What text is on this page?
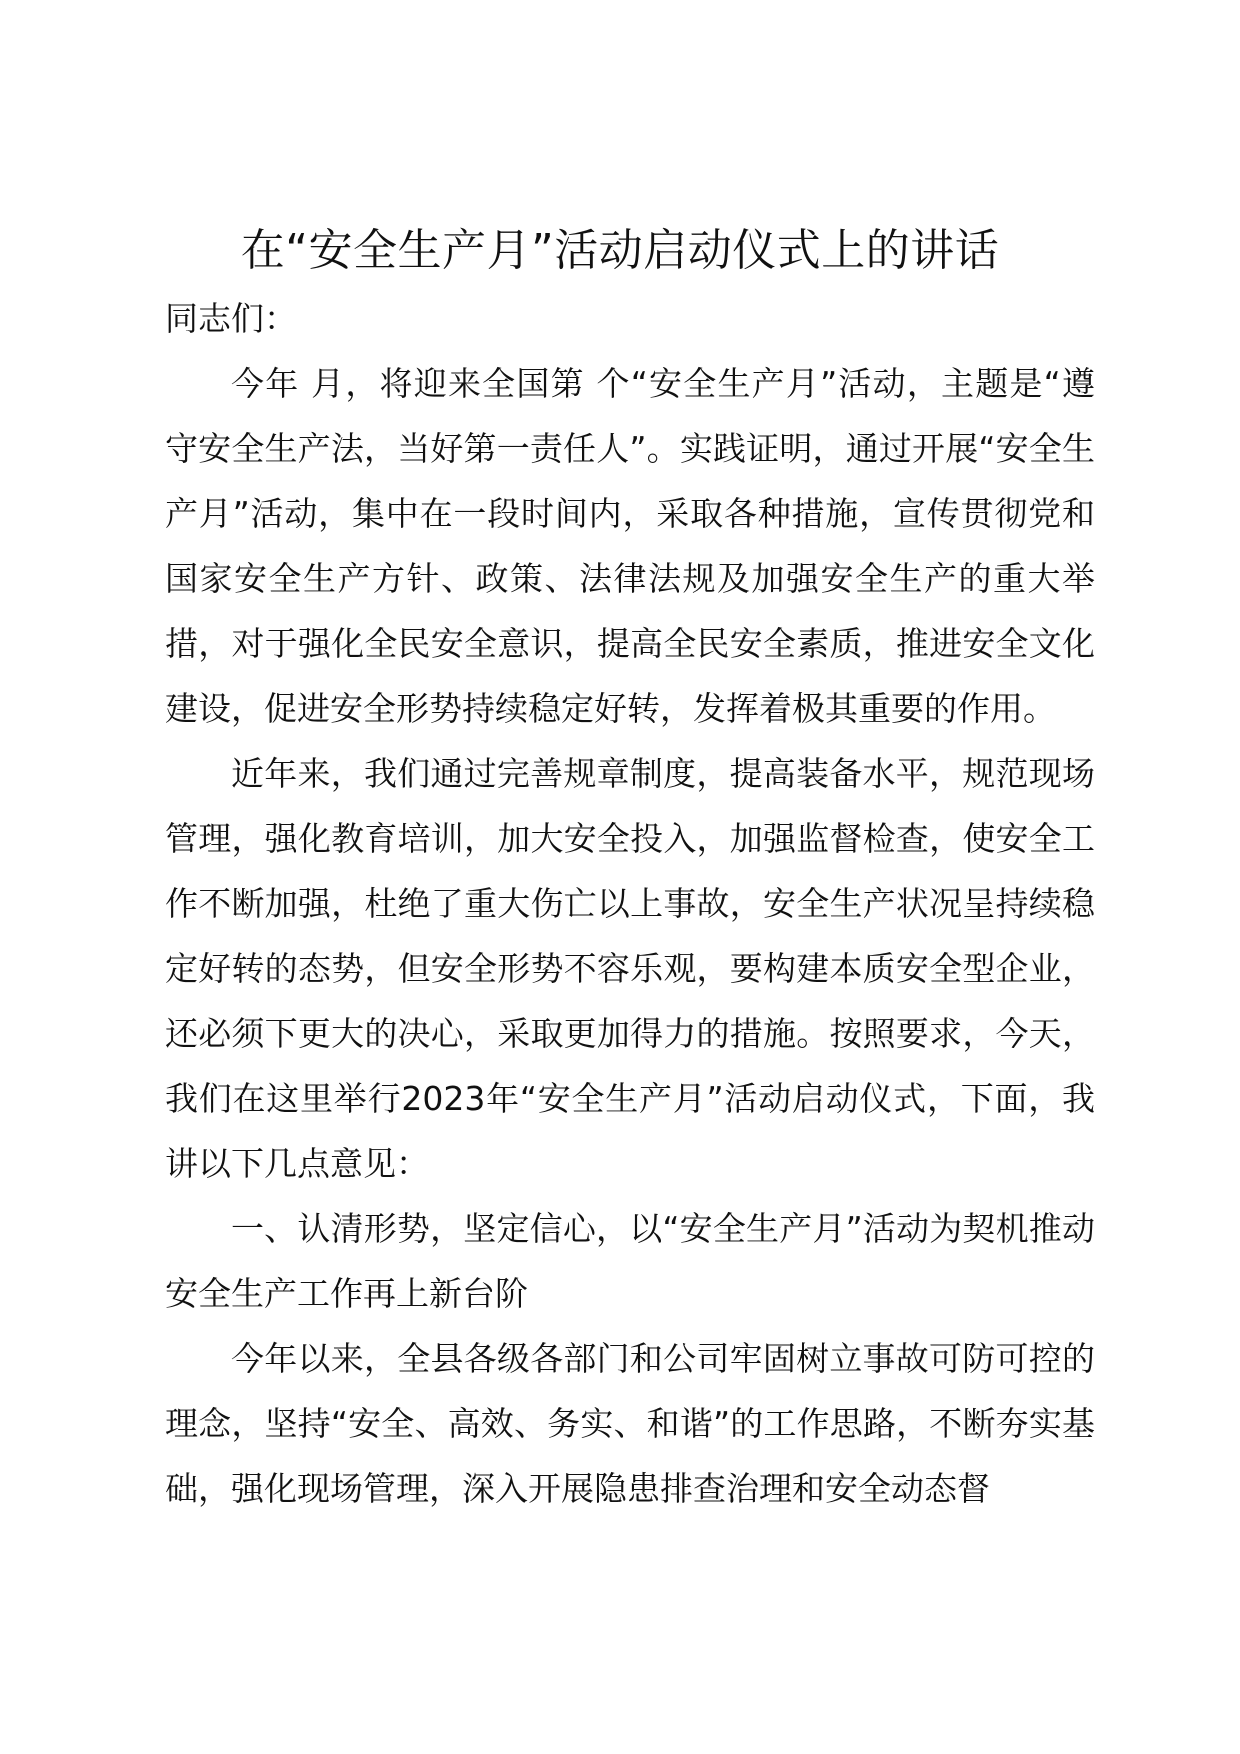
在“安全生产月”活动启动仪式上的讲话

同志们：

今年 月，将迎来全国第 个“安全生产月”活动，主题是“遵守安全生产法，当好第一责任人”。实践证明，通过开展“安全生产月”活动，集中在一段时间内，采取各种措施，宣传贯彻党和国家安全生产方针、政策、法律法规及加强安全生产的重大举措，对于强化全民安全意识，提高全民安全素质，推进安全文化建设，促进安全形势持续稳定好转，发挥着极其重要的作用。

近年来，我们通过完善规章制度，提高装备水平，规范现场管理，强化教育培训，加大安全投入，加强监督检查，使安全工作不断加强，杜绝了重大伤亡以上事故，安全生产状况呈持续稳定好转的态势，但安全形势不容乐观，要构建本质安全型企业，还必须下更大的决心，采取更加得力的措施。按照要求，今天，我们在这里举行2023年“安全生产月”活动启动仪式，下面，我讲以下几点意见：

一、认清形势，坚定信心，以“安全生产月”活动为契机推动安全生产工作再上新台阶

今年以来，全县各级各部门和公司牢固树立事故可防可控的理念，坚持“安全、高效、务实、和谐”的工作思路，不断夯实基础，强化现场管理，深入开展隐患排查治理和安全动态督
